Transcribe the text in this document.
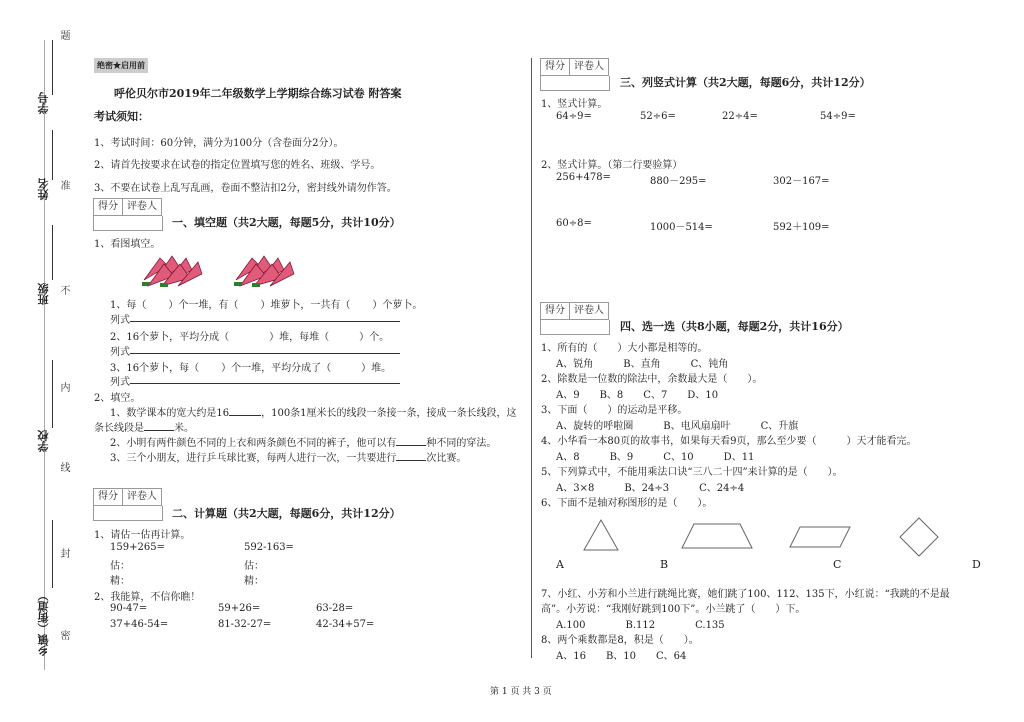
学号
姓名
班级
学校
乡镇（街道）
题
准
不
内
线
封
密
绝密★启用前
呼伦贝尔市2019年二年级数学上学期综合练习试卷 附答案
考试须知：
1、考试时间：60分钟，满分为100分（含卷面分2分）。
2、请首先按要求在试卷的指定位置填写您的姓名、班级、学号。
3、不要在试卷上乱写乱画，卷面不整洁扣2分，密封线外请勿作答。
得分 评卷人
一、填空题（共2大题，每题5分，共计10分）
1、看图填空。
1、每（ ）个一堆，有（ ）堆萝卜，一共有（ ）个萝卜。
列式
2、16个萝卜，平均分成（	）堆，每堆（	）个。
列式
3、16个萝卜，每（ ）个一堆，平均分成了（	）堆。
列式
2、填空。
1、数学课本的宽大约是16	，100条1厘米长的线段一条接一条，接成一条长线段，这
条长线段是	米。
2、小明有两件颜色不同的上衣和两条颜色不同的裤子，他可以有	种不同的穿法。
3、三个小朋友，进行乒乓球比赛，每两人进行一次，一共要进行	次比赛。
得分 评卷人
二、计算题（共2大题，每题6分，共计12分）
1、请估一估再计算。
159+265=
估：
精：
592-163=
估：
精：
2、我能算，不信你瞧！
90-47=	59+26=	63-28=
37+46-54=	81-32-27=	42-34+57=
得分 评卷人
三、列竖式计算（共2大题，每题6分，共计12分）
1、竖式计算。
64÷9=	52÷6=	22÷4=	54÷9=
2、竖式计算。（第二行要验算）
256+478=	880－295=	302－167=
60÷8=	1000－514=	592＋109=
得分 评卷人
四、选一选（共8小题，每题2分，共计16分）
1、所有的（　　）大小都是相等的。
A、锐角　　　B、直角　　　C、钝角
2、除数是一位数的除法中，余数最大是（　　）。
A、9　　B、8　　C、7　　D、10
3、下面（　　）的运动是平移。
A、旋转的呼啦圈　　　B、电风扇扇叶　　　C、升旗
4、小华看一本80页的故事书，如果每天看9页，那么至少要（　　　）天才能看完。
A、8　　　B、9　　　C、10　　　D、11
5、下列算式中，不能用乘法口诀“三八二十四”来计算的是（　　）。
A、3×8　　　B、24÷3　　　C、24÷4
6、下面不是轴对称图形的是（　　）。
A	B	C	D
7、小红、小芳和小兰进行跳绳比赛，她们跳了100、112、135下，小红说：“我跳的不是最
高”。小芳说：“我刚好跳到100下”。小兰跳了（　　）下。
A.100　　　　B.112　　　　C.135
8、两个乘数都是8，积是（　　）。
A、16　　B、10　　C、64
第 1 页 共 3 页
